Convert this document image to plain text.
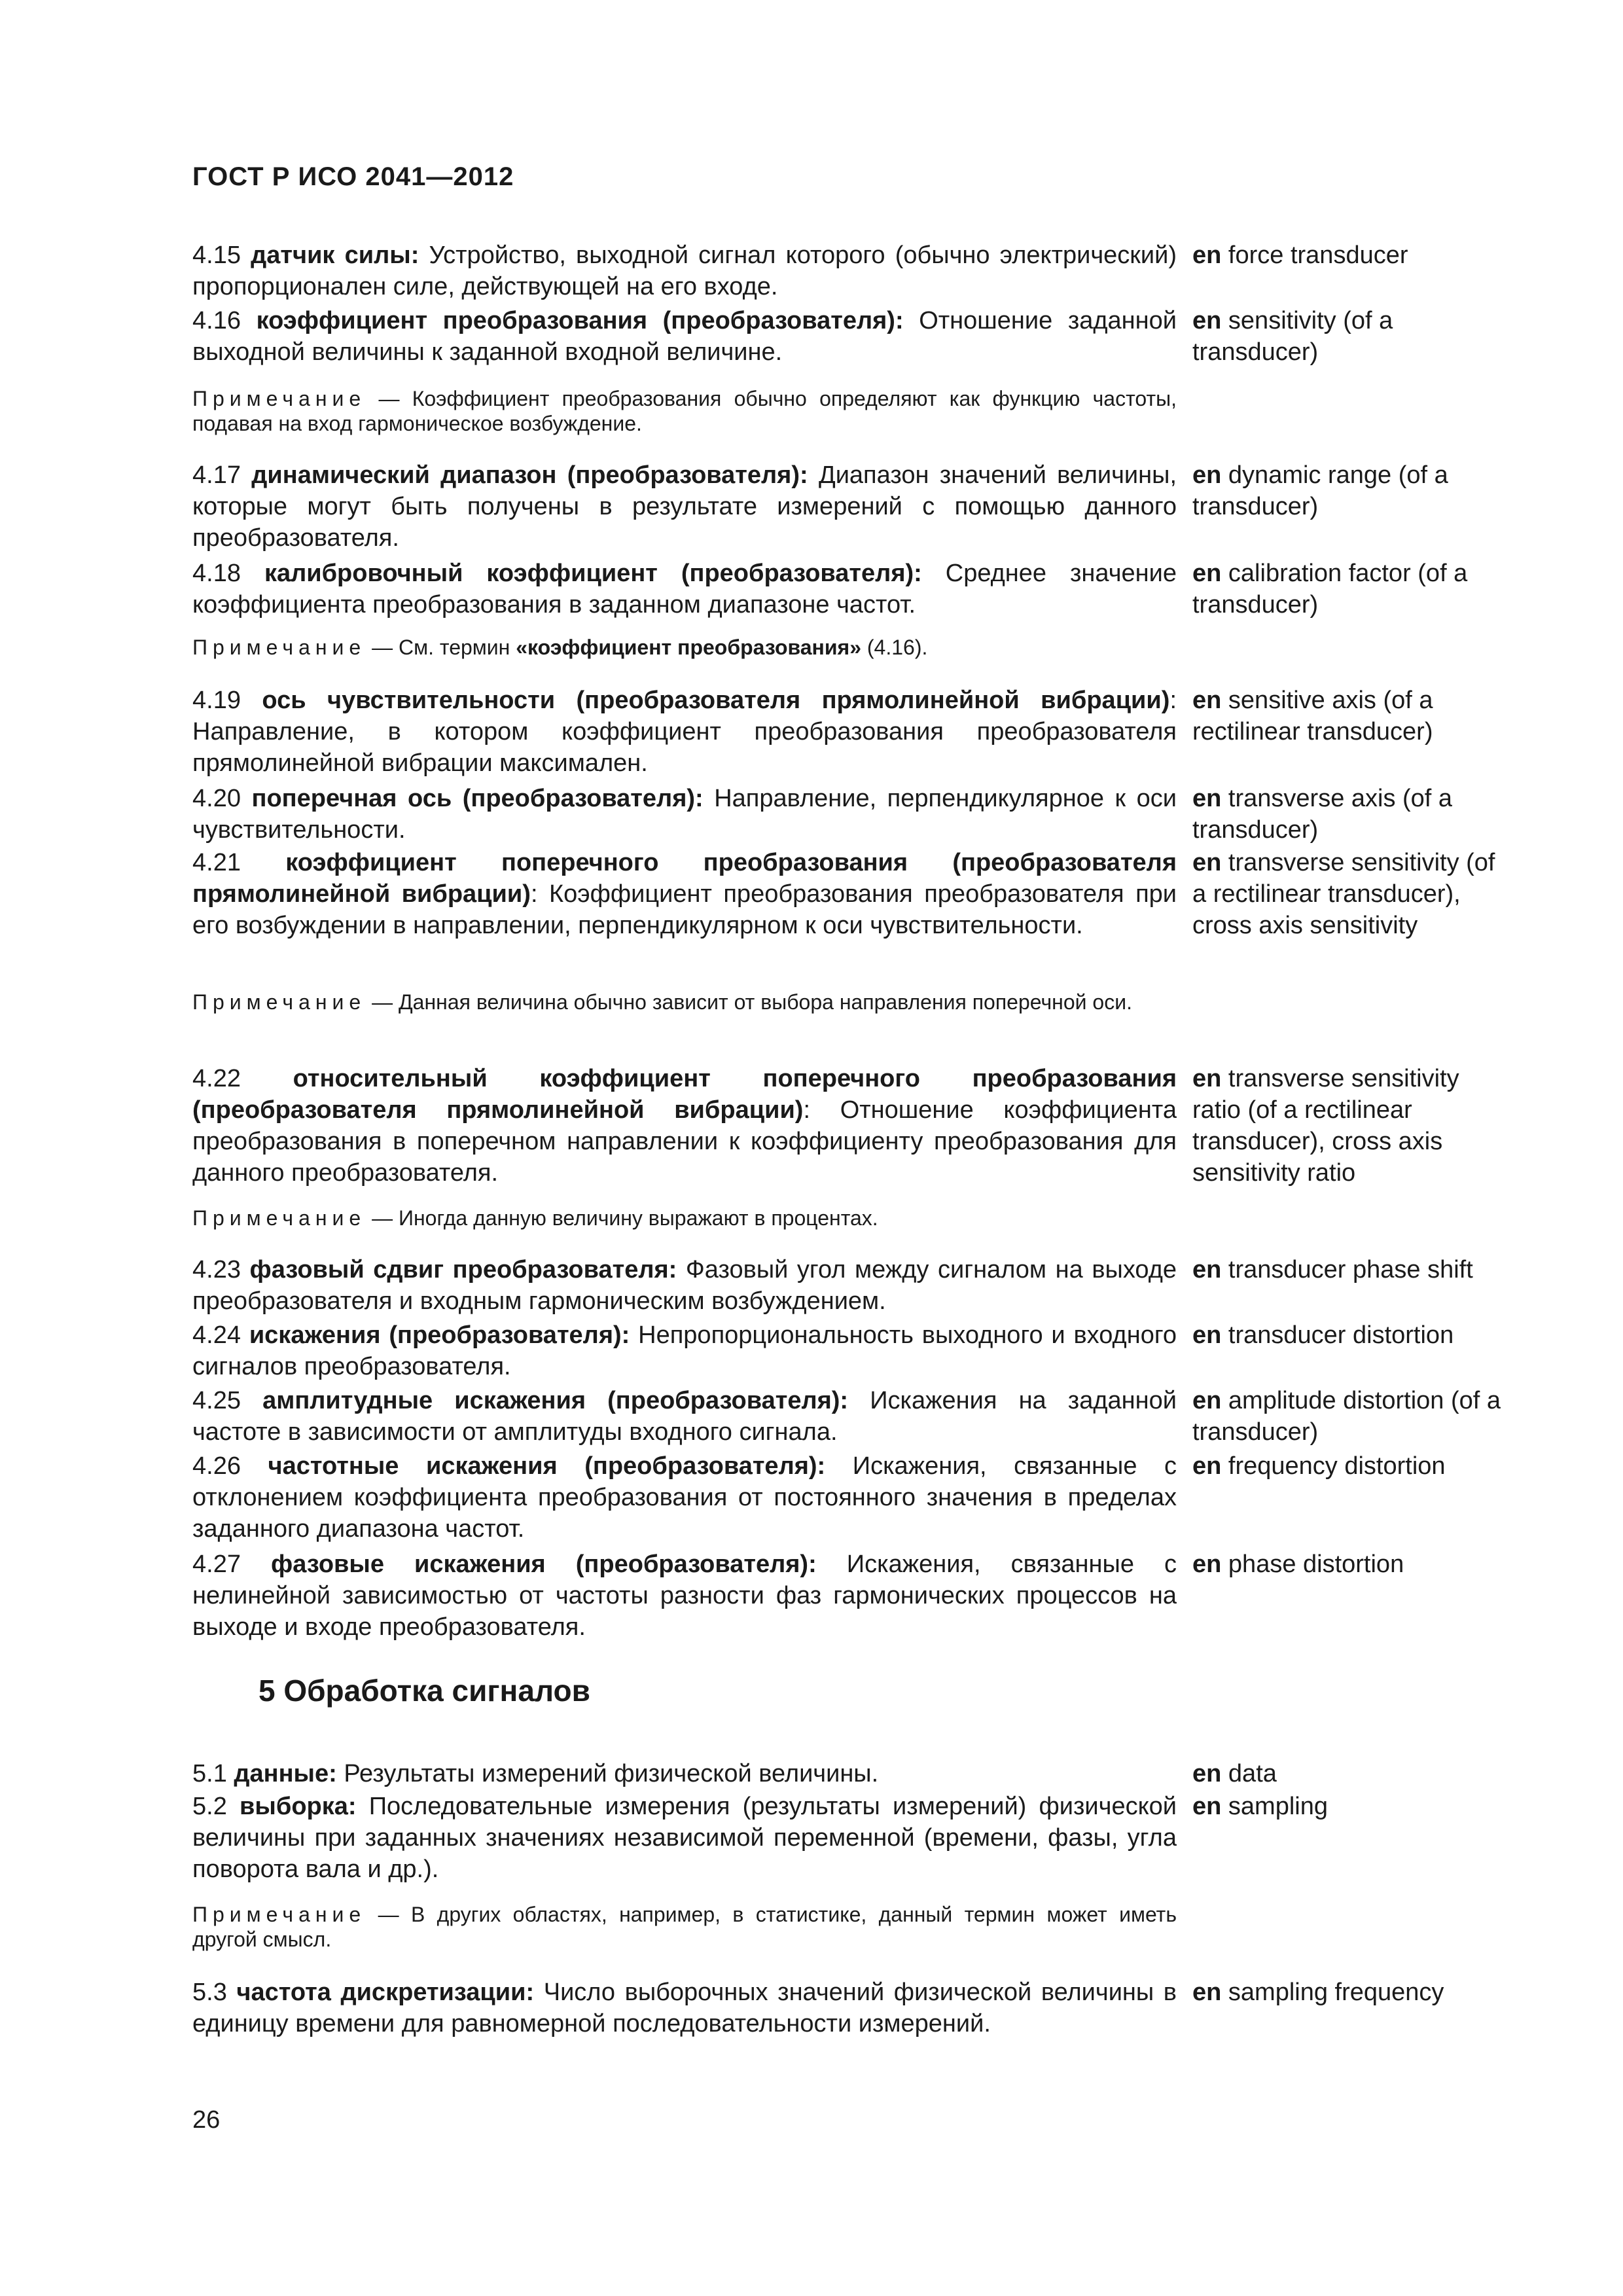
ГОСТ Р ИСО 2041—2012
4.15 датчик силы: Устройство, выходной сигнал которого (обычно электрический) пропорционален силе, действующей на его входе.
en force transducer
4.16 коэффициент преобразования (преобразователя): Отношение заданной выходной величины к заданной входной величине.
en sensitivity (of a transducer)
Примечание — Коэффициент преобразования обычно определяют как функцию частоты, подавая на вход гармоническое возбуждение.
4.17 динамический диапазон (преобразователя): Диапазон значений величины, которые могут быть получены в результате измерений с помощью данного преобразователя.
en dynamic range (of a transducer)
4.18 калибровочный коэффициент (преобразователя): Среднее значение коэффициента преобразования в заданном диапазоне частот.
en calibration factor (of a transducer)
Примечание — См. термин «коэффициент преобразования» (4.16).
4.19 ось чувствительности (преобразователя прямолинейной вибрации): Направление, в котором коэффициент преобразования преобразователя прямолинейной вибрации максимален.
en sensitive axis (of a rectilinear transducer)
4.20 поперечная ось (преобразователя): Направление, перпендикулярное к оси чувствительности.
en transverse axis (of a transducer)
4.21 коэффициент поперечного преобразования (преобразователя прямолинейной вибрации): Коэффициент преобразования преобразователя при его возбуждении в направлении, перпендикулярном к оси чувствительности.
en transverse sensitivity (of a rectilinear transducer), cross axis sensitivity
Примечание — Данная величина обычно зависит от выбора направления поперечной оси.
4.22 относительный коэффициент поперечного преобразования (преобразователя прямолинейной вибрации): Отношение коэффициента преобразования в поперечном направлении к коэффициенту преобразования для данного преобразователя.
en transverse sensitivity ratio (of a rectilinear transducer), cross axis sensitivity ratio
Примечание — Иногда данную величину выражают в процентах.
4.23 фазовый сдвиг преобразователя: Фазовый угол между сигналом на выходе преобразователя и входным гармоническим возбуждением.
en transducer phase shift
4.24 искажения (преобразователя): Непропорциональность выходного и входного сигналов преобразователя.
en transducer distortion
4.25 амплитудные искажения (преобразователя): Искажения на заданной частоте в зависимости от амплитуды входного сигнала.
en amplitude distortion (of a transducer)
4.26 частотные искажения (преобразователя): Искажения, связанные с отклонением коэффициента преобразования от постоянного значения в пределах заданного диапазона частот.
en frequency distortion
4.27 фазовые искажения (преобразователя): Искажения, связанные с нелинейной зависимостью от частоты разности фаз гармонических процессов на выходе и входе преобразователя.
en phase distortion
5 Обработка сигналов
5.1 данные: Результаты измерений физической величины.	en data
5.2 выборка: Последовательные измерения (результаты измерений) физической величины при заданных значениях независимой переменной (времени, фазы, угла поворота вала и др.).
en sampling
Примечание — В других областях, например, в статистике, данный термин может иметь другой смысл.
5.3 частота дискретизации: Число выборочных значений физической величины в единицу времени для равномерной последовательности измерений.
en sampling frequency
26
